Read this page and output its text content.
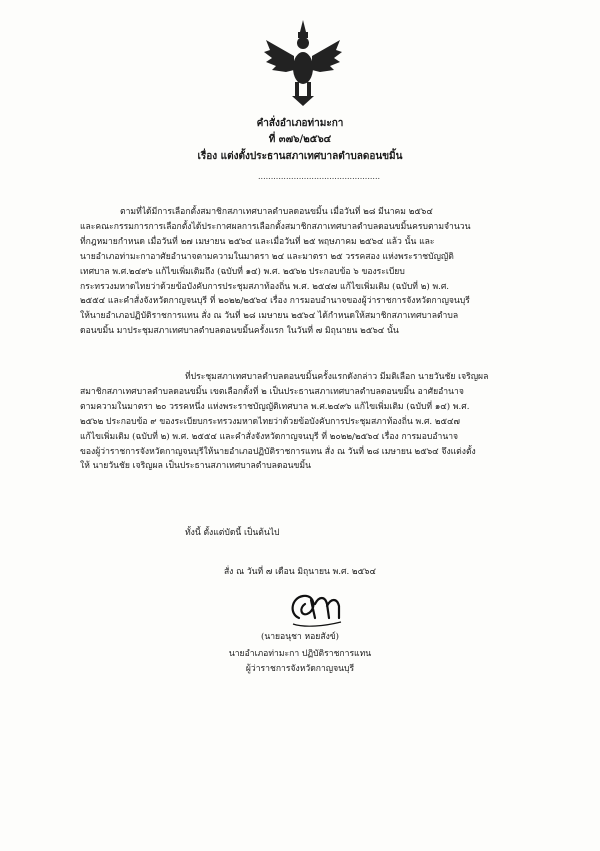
คำสั่งอำเภอท่ามะกา
ที่ ๓๗๖/๒๕๖๔
เรื่อง แต่งตั้งประธานสภาเทศบาลตำบลดอนขมิ้น
................................................
ตามที่ได้มีการเลือกตั้งสมาชิกสภาเทศบาลตำบลดอนขมิ้น เมื่อวันที่ ๒๘ มีนาคม ๒๕๖๔
และคณะกรรมการการเลือกตั้งได้ประกาศผลการเลือกตั้งสมาชิกสภาเทศบาลตำบลดอนขมิ้นครบตามจำนวน
ที่กฎหมายกำหนด เมื่อวันที่ ๒๗ เมษายน ๒๕๖๔ และเมื่อวันที่ ๒๕ พฤษภาคม ๒๕๖๔ แล้ว นั้น และ
นายอำเภอท่ามะกาอาศัยอำนาจตามความในมาตรา ๒๔ และมาตรา ๒๕ วรรคสอง แห่งพระราชบัญญัติ
เทศบาล พ.ศ.๒๔๙๖ แก้ไขเพิ่มเติมถึง (ฉบับที่ ๑๔) พ.ศ. ๒๕๖๒ ประกอบข้อ ๖ ของระเบียบ
กระทรวงมหาดไทยว่าด้วยข้อบังคับการประชุมสภาท้องถิ่น พ.ศ. ๒๕๔๗ แก้ไขเพิ่มเติม (ฉบับที่ ๒) พ.ศ.
๒๕๕๔ และคำสั่งจังหวัดกาญจนบุรี ที่ ๒๐๒๒/๒๕๖๔ เรื่อง การมอบอำนาจของผู้ว่าราชการจังหวัดกาญจนบุรี
ให้นายอำเภอปฏิบัติราชการแทน สั่ง ณ วันที่ ๒๘ เมษายน ๒๕๖๔ ได้กำหนดให้สมาชิกสภาเทศบาลตำบล
ดอนขมิ้น มาประชุมสภาเทศบาลตำบลดอนขมิ้นครั้งแรก ในวันที่ ๗ มิถุนายน ๒๕๖๔ นั้น
ที่ประชุมสภาเทศบาลตำบลดอนขมิ้นครั้งแรกดังกล่าว มีมติเลือก นายวันชัย เจริญผล
สมาชิกสภาเทศบาลตำบลดอนขมิ้น เขตเลือกตั้งที่ ๒ เป็นประธานสภาเทศบาลตำบลดอนขมิ้น อาศัยอำนาจ
ตามความในมาตรา ๒๐ วรรคหนึ่ง แห่งพระราชบัญญัติเทศบาล พ.ศ.๒๔๙๖ แก้ไขเพิ่มเติม (ฉบับที่ ๑๔) พ.ศ.
๒๕๖๒ ประกอบข้อ ๙ ของระเบียบกระทรวงมหาดไทยว่าด้วยข้อบังคับการประชุมสภาท้องถิ่น พ.ศ. ๒๕๔๗
แก้ไขเพิ่มเติม (ฉบับที่ ๒) พ.ศ. ๒๕๕๔ และคำสั่งจังหวัดกาญจนบุรี ที่ ๒๐๒๒/๒๕๖๔ เรื่อง การมอบอำนาจ
ของผู้ว่าราชการจังหวัดกาญจนบุรีให้นายอำเภอปฏิบัติราชการแทน สั่ง ณ วันที่ ๒๘ เมษายน ๒๕๖๔ จึงแต่งตั้ง
ให้ นายวันชัย เจริญผล เป็นประธานสภาเทศบาลตำบลดอนขมิ้น
ทั้งนี้ ตั้งแต่บัดนี้ เป็นต้นไป
สั่ง ณ วันที่ ๗ เดือน มิถุนายน พ.ศ. ๒๕๖๔
(นายอนุชา หอยสังข์)
นายอำเภอท่ามะกา ปฏิบัติราชการแทน
ผู้ว่าราชการจังหวัดกาญจนบุรี
